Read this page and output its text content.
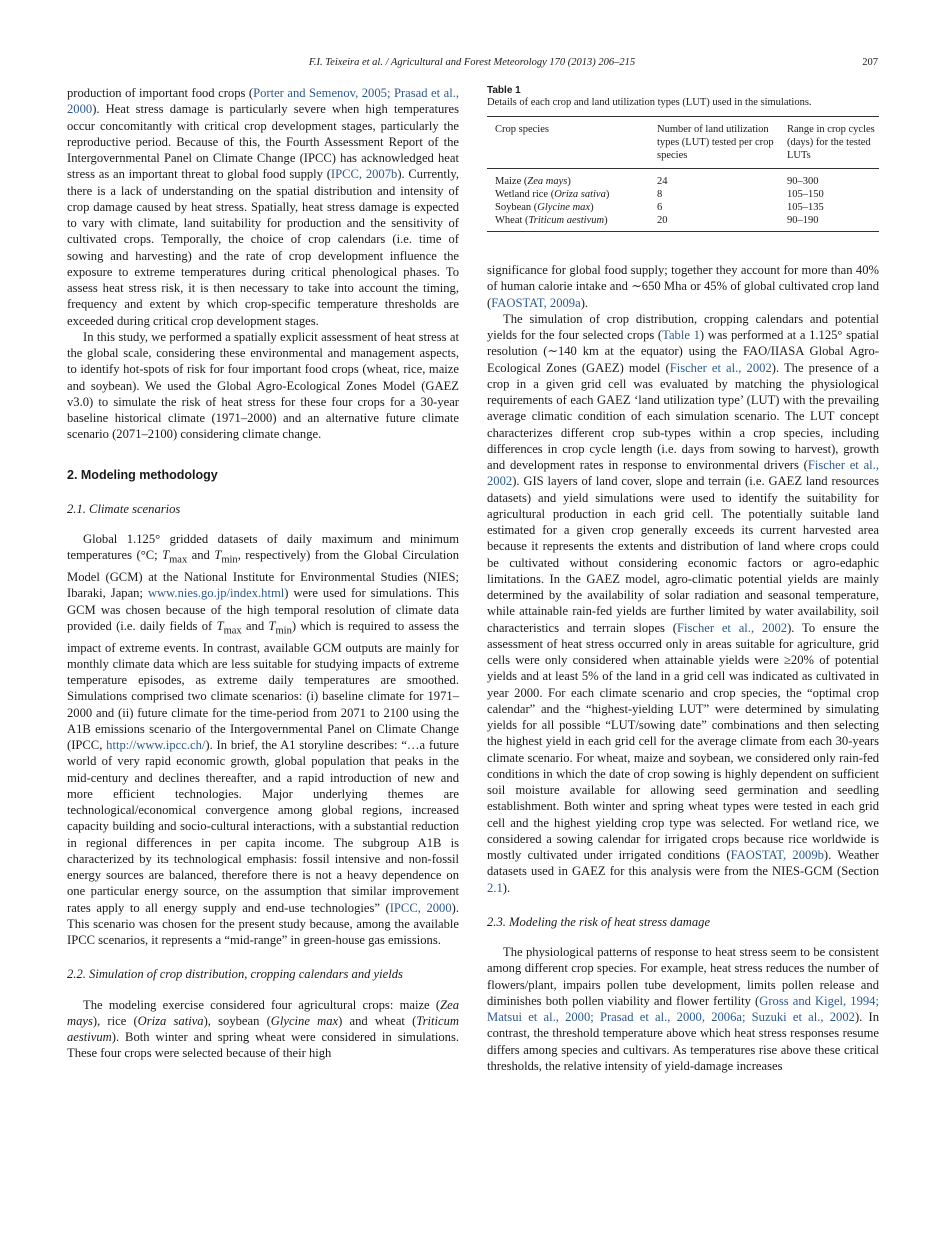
F.I. Teixeira et al. / Agricultural and Forest Meteorology 170 (2013) 206–215	207

production of important food crops (Porter and Semenov, 2005; Prasad et al., 2000). Heat stress damage is particularly severe when high temperatures occur concomitantly with critical crop development stages, particularly the reproductive period. Because of this, the Fourth Assessment Report of the Intergovernmental Panel on Climate Change (IPCC) has acknowledged heat stress as an important threat to global food supply (IPCC, 2007b). Currently, there is a lack of understanding on the spatial distribution and intensity of crop damage caused by heat stress. Spatially, heat stress damage is expected to vary with climate, land suitability for production and the sensitivity of cultivated crops. Temporally, the choice of crop calendars (i.e. time of sowing and harvesting) and the rate of crop development influence the exposure to extreme temperatures during critical phenological phases. To assess heat stress risk, it is then necessary to take into account the timing, frequency and extent by which crop-specific temperature thresholds are exceeded during critical crop development stages.

In this study, we performed a spatially explicit assessment of heat stress at the global scale, considering these environmental and management aspects, to identify hot-spots of risk for four important food crops (wheat, rice, maize and soybean). We used the Global Agro-Ecological Zones Model (GAEZ v3.0) to simulate the risk of heat stress for these four crops for a 30-year baseline historical climate (1971–2000) and an alternative future climate scenario (2071–2100) considering climate change.

2. Modeling methodology
2.1. Climate scenarios

Global 1.125° gridded datasets of daily maximum and minimum temperatures (°C; $T_{max}$ and $T_{min}$, respectively) from the Global Circulation Model (GCM) at the National Institute for Environmental Studies (NIES; Ibaraki, Japan; www.nies.go.jp/index.html) were used for simulations. This GCM was chosen because of the high temporal resolution of climate data provided (i.e. daily fields of $T_{max}$ and $T_{min}$) which is required to assess the impact of extreme events. In contrast, available GCM outputs are mainly for monthly climate data which are less suitable for studying impacts of extreme temperature episodes, as extreme daily temperatures are smoothed. Simulations comprised two climate scenarios: (i) baseline climate for 1971–2000 and (ii) future climate for the time-period from 2071 to 2100 using the A1B emissions scenario of the Intergovernmental Panel on Climate Change (IPCC, http://www.ipcc.ch/). In brief, the A1 storyline describes: “…a future world of very rapid economic growth, global population that peaks in the mid-century and declines thereafter, and a rapid introduction of new and more efficient technologies. Major underlying themes are technological/economical convergence among global regions, increased capacity building and socio-cultural interactions, with a substantial reduction in regional differences in per capita income. The subgroup A1B is characterized by its technological emphasis: fossil intensive and non-fossil energy sources are balanced, therefore there is not a heavy dependence on one particular energy source, on the assumption that similar improvement rates apply to all energy supply and end-use technologies” (IPCC, 2000). This scenario was chosen for the present study because, among the available IPCC scenarios, it represents a “mid-range” in green-house gas emissions.

2.2. Simulation of crop distribution, cropping calendars and yields

The modeling exercise considered four agricultural crops: maize (Zea mays), rice (Oriza sativa), soybean (Glycine max) and wheat (Triticum aestivum). Both winter and spring wheat were considered in simulations. These four crops were selected because of their high

Table 1
Details of each crop and land utilization types (LUT) used in the simulations.
Crop species	Number of land utilization types (LUT) tested per crop species	Range in crop cycles (days) for the tested LUTs
Maize (Zea mays)	24	90–300
Wetland rice (Oriza sativa)	8	105–150
Soybean (Glycine max)	6	105–135
Wheat (Triticum aestivum)	20	90–190

significance for global food supply; together they account for more than 40% of human calorie intake and ∼650 Mha or 45% of global cultivated crop land (FAOSTAT, 2009a).

The simulation of crop distribution, cropping calendars and potential yields for the four selected crops (Table 1) was performed at a 1.125° spatial resolution (∼140 km at the equator) using the FAO/IIASA Global Agro-Ecological Zones (GAEZ) model (Fischer et al., 2002). The presence of a crop in a given grid cell was evaluated by matching the physiological requirements of each GAEZ ‘land utilization type’ (LUT) with the prevailing average climatic condition of each simulation scenario. The LUT concept characterizes different crop sub-types within a crop species, including differences in crop cycle length (i.e. days from sowing to harvest), growth and development rates in response to environmental drivers (Fischer et al., 2002). GIS layers of land cover, slope and terrain (i.e. GAEZ land resources datasets) and yield simulations were used to identify the suitability for agricultural production in each grid cell. The potentially suitable land estimated for a given crop generally exceeds its current harvested area because it represents the extents and distribution of land where crops could be cultivated without considering economic factors or agro-edaphic limitations. In the GAEZ model, agro-climatic potential yields are mainly determined by the availability of solar radiation and seasonal temperature, while attainable rain-fed yields are further limited by water availability, soil characteristics and terrain slopes (Fischer et al., 2002). To ensure the assessment of heat stress occurred only in areas suitable for agriculture, grid cells were only considered when attainable yields were ≥20% of potential yields and at least 5% of the land in a grid cell was indicated as cultivated in year 2000. For each climate scenario and crop species, the “optimal crop calendar” and the “highest-yielding LUT” were determined by simulating yields for all possible “LUT/sowing date” combinations and then selecting the highest yield in each grid cell for the average climate from each 30-years climate scenario. For wheat, maize and soybean, we considered only rain-fed conditions in which the date of crop sowing is highly dependent on sufficient soil moisture available for allowing seed germination and seedling establishment. Both winter and spring wheat types were tested in each grid cell and the highest yielding crop type was selected. For wetland rice, we considered a sowing calendar for irrigated crops because rice worldwide is mostly cultivated under irrigated conditions (FAOSTAT, 2009b). Weather datasets used in GAEZ for this analysis were from the NIES-GCM (Section 2.1).

2.3. Modeling the risk of heat stress damage

The physiological patterns of response to heat stress seem to be consistent among different crop species. For example, heat stress reduces the number of flowers/plant, impairs pollen tube development, limits pollen release and diminishes both pollen viability and flower fertility (Gross and Kigel, 1994; Matsui et al., 2000; Prasad et al., 2000, 2006a; Suzuki et al., 2002). In contrast, the threshold temperature above which heat stress responses resume differs among species and cultivars. As temperatures rise above these critical thresholds, the relative intensity of yield-damage increases
